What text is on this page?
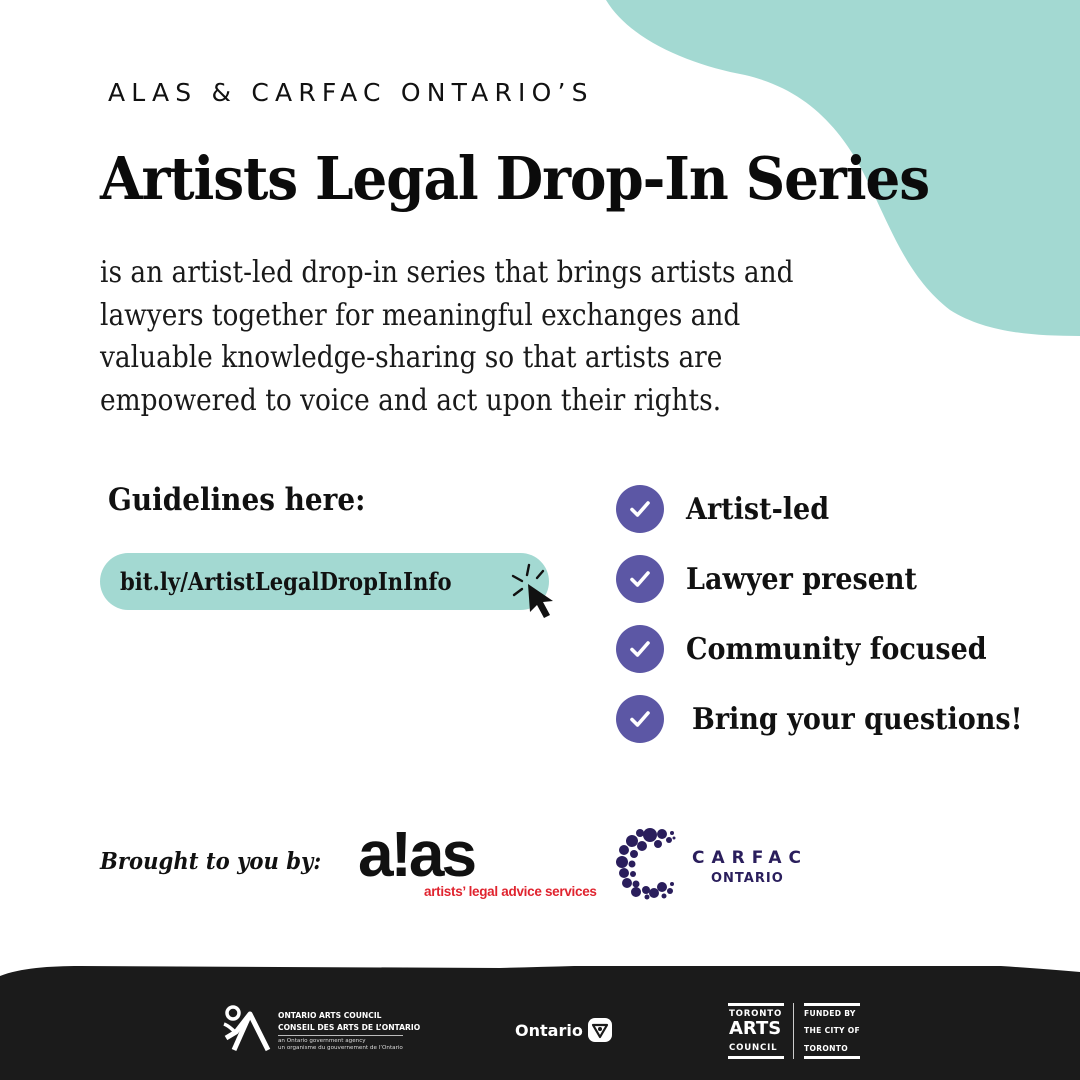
ALAS & CARFAC ONTARIO’S
Artists Legal Drop-In Series
is an artist-led drop-in series that brings artists and
lawyers together for meaningful exchanges and
valuable knowledge-sharing so that artists are
empowered to voice and act upon their rights.
Guidelines here:
bit.ly/ArtistLegalDropInInfo
Artist-led
Lawyer present
Community focused
Bring your questions!
Brought to you by: a!as
artists’ legal advice services
CARFAC
ONTARIO
ONTARIO ARTS COUNCIL
CONSEIL DES ARTS DE L’ONTARIO
an Ontario government agency
un organisme du gouvernement de l’Ontario
Ontario
TORONTO
ARTS
COUNCIL
FUNDED BY
THE CITY OF
TORONTO
